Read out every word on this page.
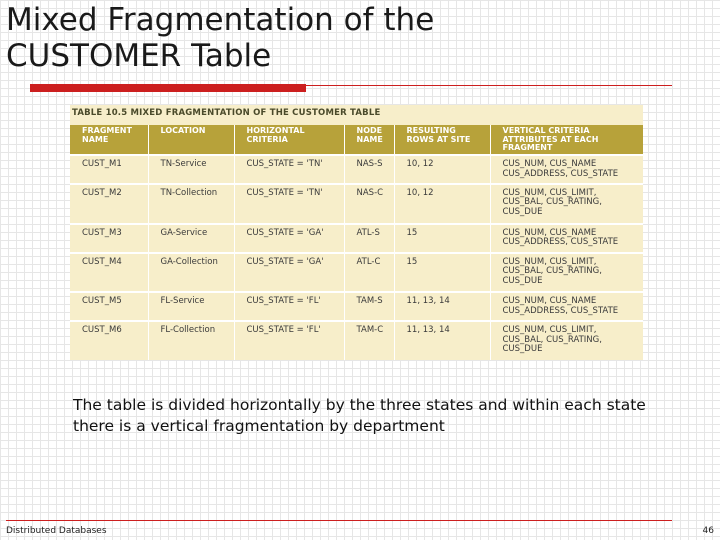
Mixed Fragmentation of the
CUSTOMER Table
TABLE 10.5 MIXED FRAGMENTATION OF THE CUSTOMER TABLE
FRAGMENT NAME	LOCATION	HORIZONTAL CRITERIA	NODE NAME	RESULTING ROWS AT SITE	VERTICAL CRITERIA ATTRIBUTES AT EACH FRAGMENT
CUST_M1	TN-Service	CUS_STATE = 'TN'	NAS-S	10, 12	CUS_NUM, CUS_NAME
CUS_ADDRESS, CUS_STATE

CUST_M2	TN-Collection	CUS_STATE = 'TN'	NAS-C	10, 12	CUS_NUM, CUS_LIMIT,
CUS_BAL, CUS_RATING,
CUS_DUE

CUST_M3	GA-Service	CUS_STATE = 'GA'	ATL-S	15	CUS_NUM, CUS_NAME
CUS_ADDRESS, CUS_STATE

CUST_M4	GA-Collection	CUS_STATE = 'GA'	ATL-C	15	CUS_NUM, CUS_LIMIT,
CUS_BAL, CUS_RATING,
CUS_DUE

CUST_M5	FL-Service	CUS_STATE = 'FL'	TAM-S	11, 13, 14	CUS_NUM, CUS_NAME
CUS_ADDRESS, CUS_STATE

CUST_M6	FL-Collection	CUS_STATE = 'FL'	TAM-C	11, 13, 14	CUS_NUM, CUS_LIMIT,
CUS_BAL, CUS_RATING,
CUS_DUE

The table is divided horizontally by the three states and within each state there is a vertical fragmentation by department

Distributed Databases	46
